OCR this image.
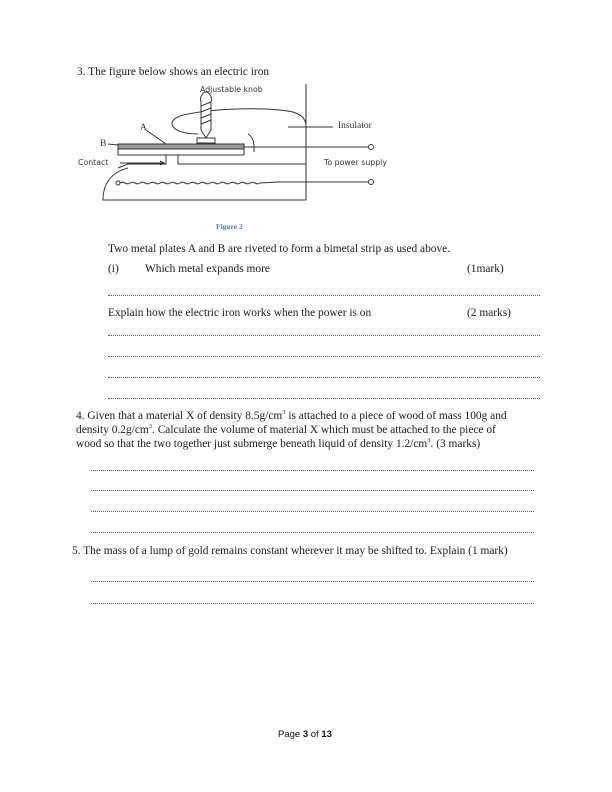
3. The figure below shows an electric iron
Adjustable knob
Insulator
A
B
Contact	To power supply
Figure 2
Two metal plates A and B are riveted to form a bimetal strip as used above.
(i) Which metal expands more	(1mark)
Explain how the electric iron works when the power is on	(2 marks)
4. Given that a material X of density $8.5g/cm^3$ is attached to a piece of wood of mass 100g and
density $0.2g/cm^3$. Calculate the volume of material X which must be attached to the piece of
wood so that the two together just submerge beneath liquid of density $1.2/cm^3$. (3 marks)
5. The mass of a lump of gold remains constant wherever it may be shifted to. Explain (1 mark)
Page 3 of 13
